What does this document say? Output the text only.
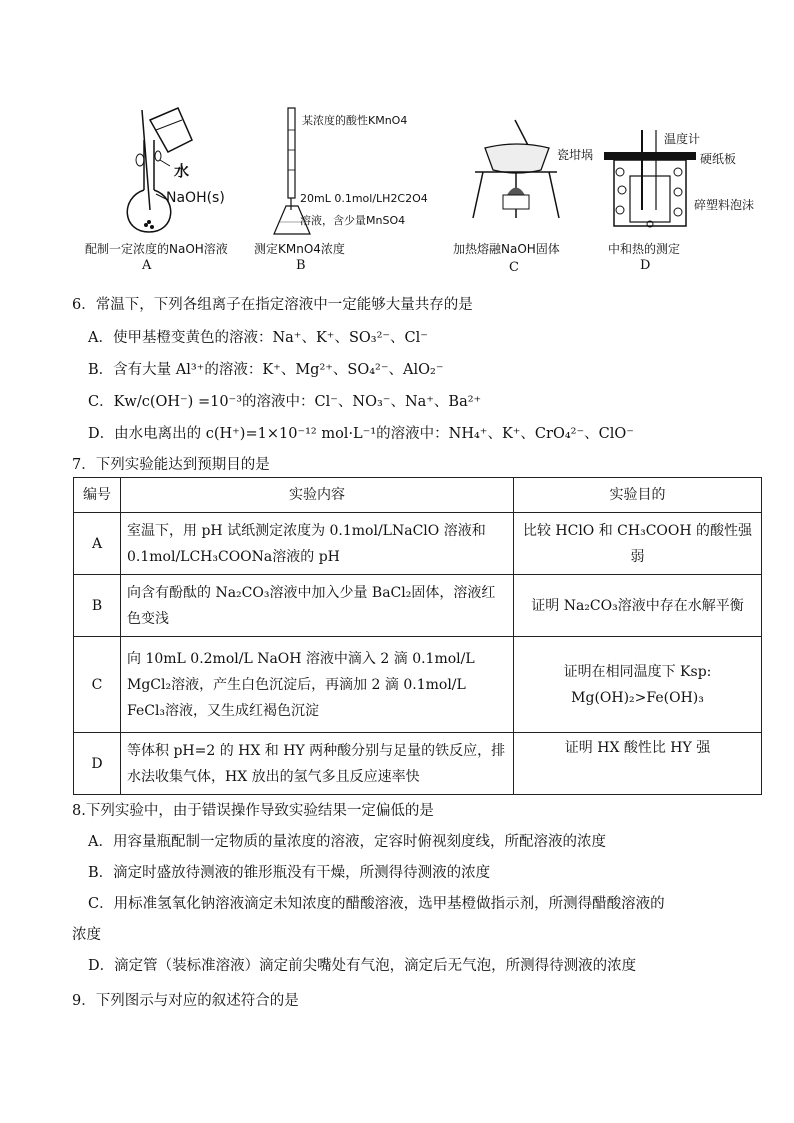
水
NaOH(s)
配制一定浓度的NaOH溶液
A
某浓度的酸性KMnO4
20mL 0.1mol/LH2C2O4
溶液，含少量MnSO4
测定KMnO4浓度
B
瓷坩埚
加热熔融NaOH固体
C
温度计
硬纸板
碎塑料泡沫
中和热的测定
D
6．常温下，下列各组离子在指定溶液中一定能够大量共存的是
A．使甲基橙变黄色的溶液：Na⁺、K⁺、SO₃²⁻、Cl⁻
B．含有大量 Al³⁺的溶液：K⁺、Mg²⁺、SO₄²⁻、AlO₂⁻
C．Kw/c(OH⁻) =10⁻³的溶液中：Cl⁻、NO₃⁻、Na⁺、Ba²⁺
D．由水电离出的 c(H⁺)=1×10⁻¹² mol·L⁻¹的溶液中：NH₄⁺、K⁺、CrO₄²⁻、ClO⁻
7．下列实验能达到预期目的是
编号	实验内容	实验目的
A	室温下，用 pH 试纸测定浓度为 0.1mol/LNaClO 溶液和 0.1mol/LCH₃COONa溶液的 pH	比较 HClO 和 CH₃COOH 的酸性强弱
B	向含有酚酞的 Na₂CO₃溶液中加入少量 BaCl₂固体，溶液红色变浅	证明 Na₂CO₃溶液中存在水解平衡
C	向 10mL 0.2mol/L NaOH 溶液中滴入 2 滴 0.1mol/L MgCl₂溶液，产生白色沉淀后，再滴加 2 滴 0.1mol/L FeCl₃溶液，又生成红褐色沉淀	证明在相同温度下 Ksp: Mg(OH)₂>Fe(OH)₃
D	等体积 pH=2 的 HX 和 HY 两种酸分别与足量的铁反应，排水法收集气体，HX 放出的氢气多且反应速率快	证明 HX 酸性比 HY 强
8.下列实验中，由于错误操作导致实验结果一定偏低的是
A．用容量瓶配制一定物质的量浓度的溶液，定容时俯视刻度线，所配溶液的浓度
B．滴定时盛放待测液的锥形瓶没有干燥，所测得待测液的浓度
C．用标准氢氧化钠溶液滴定未知浓度的醋酸溶液，选甲基橙做指示剂，所测得醋酸溶液的
浓度
D．滴定管（装标准溶液）滴定前尖嘴处有气泡，滴定后无气泡，所测得待测液的浓度
9．下列图示与对应的叙述符合的是
